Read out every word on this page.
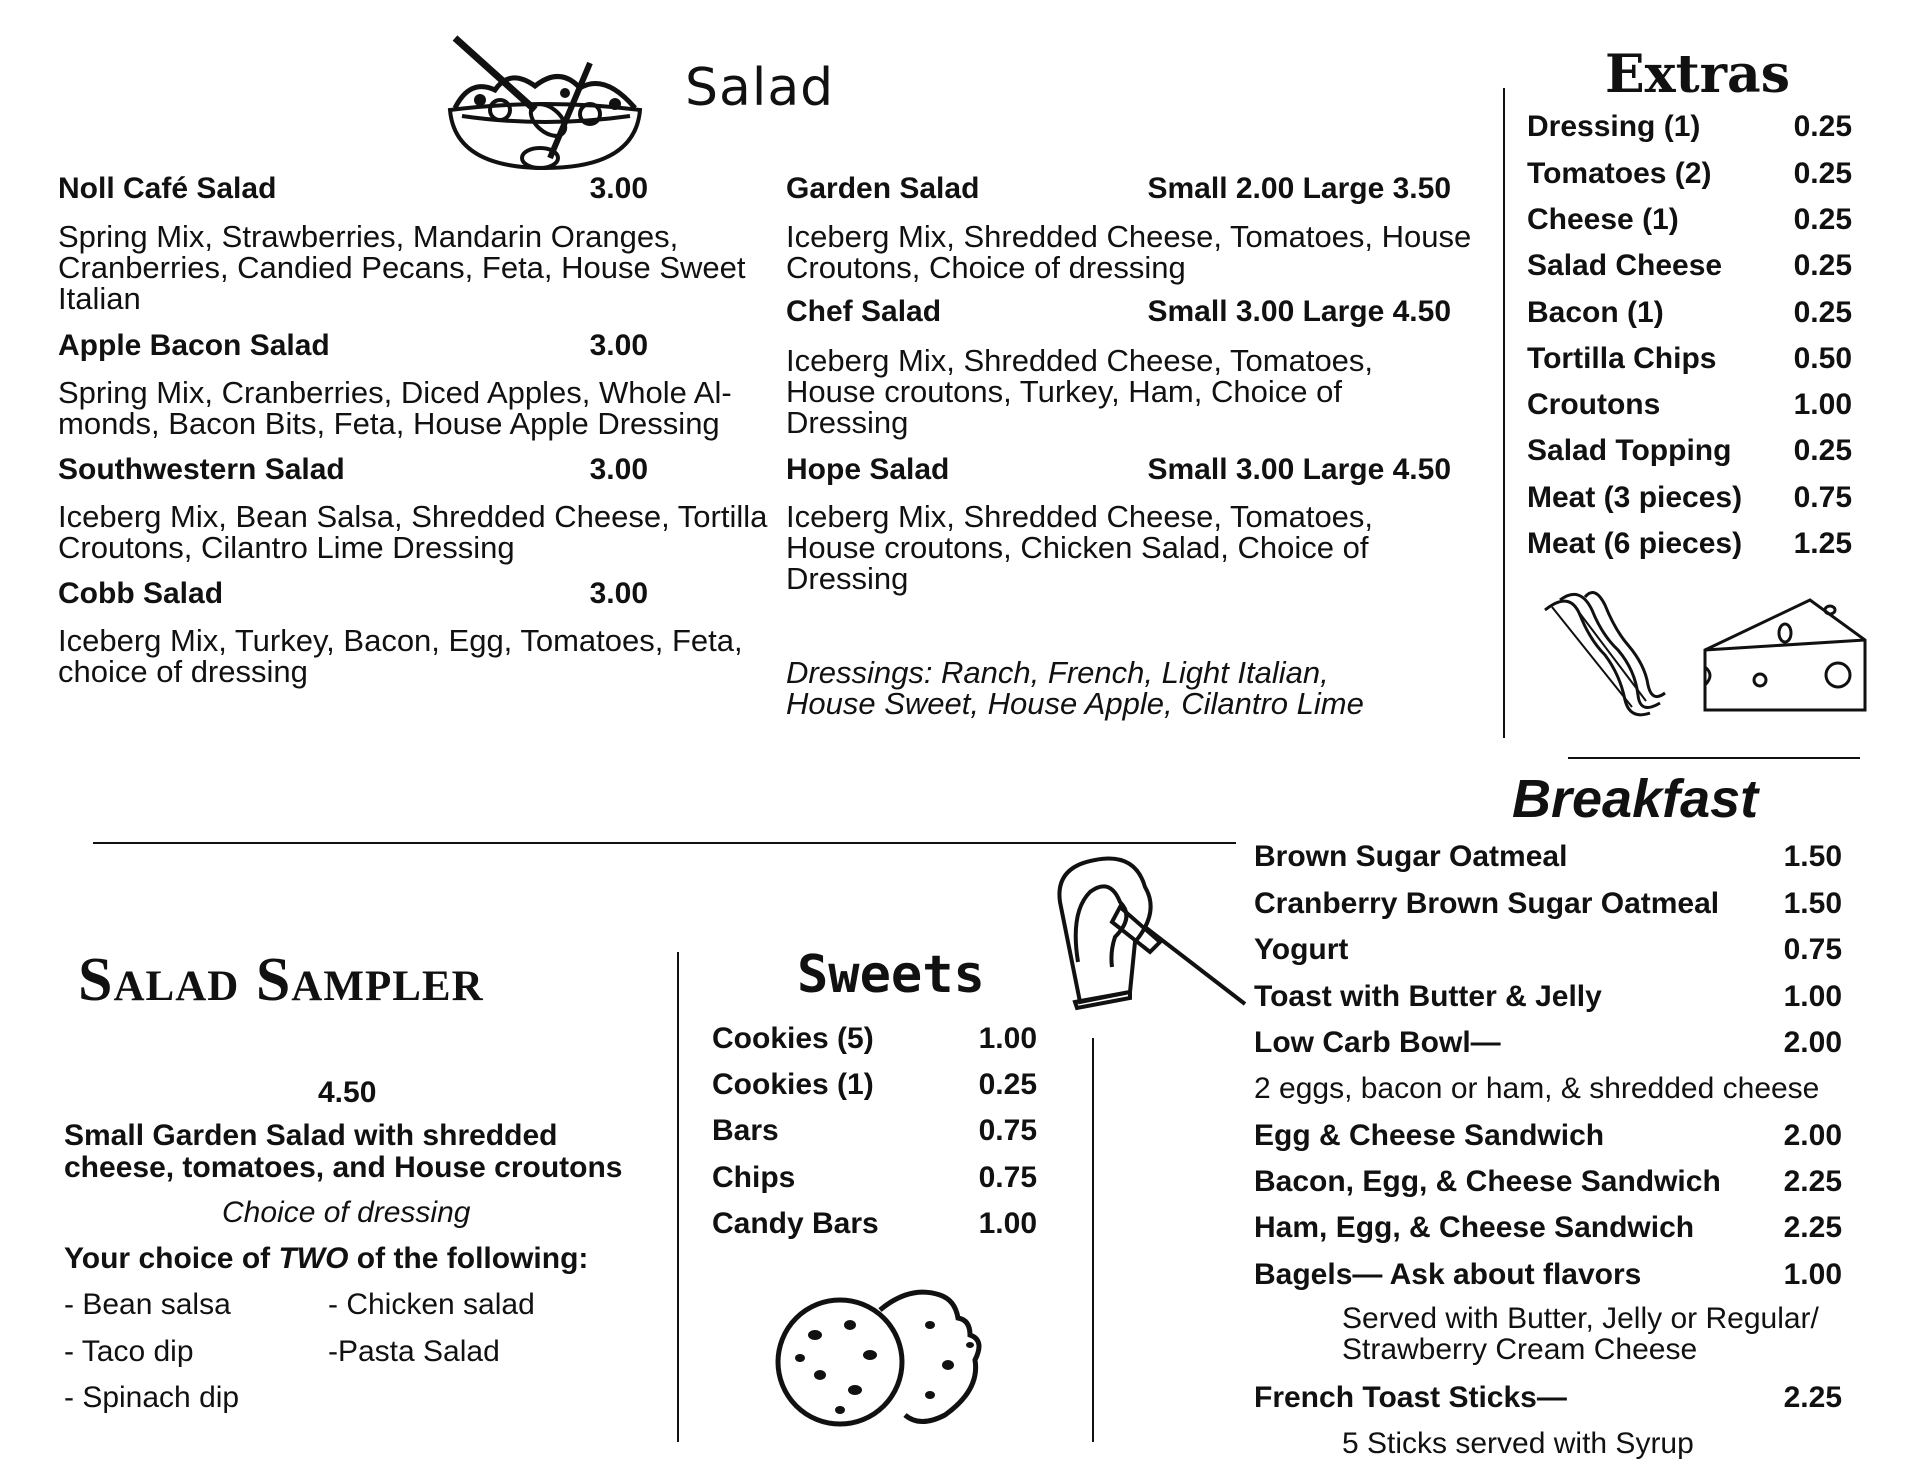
Salad
Noll Café Salad	3.00
Spring Mix, Strawberries, Mandarin Oranges, Cranberries, Candied Pecans, Feta, House Sweet Italian
Apple Bacon Salad	3.00
Spring Mix, Cranberries, Diced Apples, Whole Al-monds, Bacon Bits, Feta, House Apple Dressing
Southwestern Salad	3.00
Iceberg Mix, Bean Salsa, Shredded Cheese, Tortilla Croutons, Cilantro Lime Dressing
Cobb Salad	3.00
Iceberg Mix, Turkey, Bacon, Egg, Tomatoes, Feta, choice of dressing
Garden Salad	Small 2.00 Large 3.50
Iceberg Mix, Shredded Cheese, Tomatoes, House Croutons, Choice of dressing
Chef Salad	Small 3.00 Large 4.50
Iceberg Mix, Shredded Cheese, Tomatoes, House croutons, Turkey, Ham, Choice of Dressing
Hope Salad	Small 3.00 Large 4.50
Iceberg Mix, Shredded Cheese, Tomatoes, House croutons, Chicken Salad, Choice of Dressing
Dressings: Ranch, French, Light Italian, House Sweet, House Apple, Cilantro Lime
Extras
Dressing (1)	0.25
Tomatoes (2)	0.25
Cheese (1)	0.25
Salad Cheese 0.25
Bacon (1)	0.25
Tortilla Chips	0.50
Croutons	1.00
Salad Topping 0.25
Meat (3 pieces) 0.75
Meat (6 pieces) 1.25
Breakfast
Brown Sugar Oatmeal	1.50
Cranberry Brown Sugar Oatmeal 1.50
Yogurt	0.75
Toast with Butter & Jelly	1.00
Low Carb Bowl—	2.00
2 eggs, bacon or ham, & shredded cheese
Egg & Cheese Sandwich	2.00
Bacon, Egg, & Cheese Sandwich 2.25
Ham, Egg, & Cheese Sandwich	2.25
Bagels— Ask about flavors	1.00
Served with Butter, Jelly or Regular/ Strawberry Cream Cheese
French Toast Sticks—	2.25
5 Sticks served with Syrup
Salad Sampler
4.50
Small Garden Salad with shredded cheese, tomatoes, and House croutons
Choice of dressing
Your choice of TWO of the following:
- Bean salsa	- Chicken salad
- Taco dip	-Pasta Salad
- Spinach dip
Sweets
Cookies (5)	1.00
Cookies (1)	0.25
Bars	0.75
Chips	0.75
Candy Bars	1.00
